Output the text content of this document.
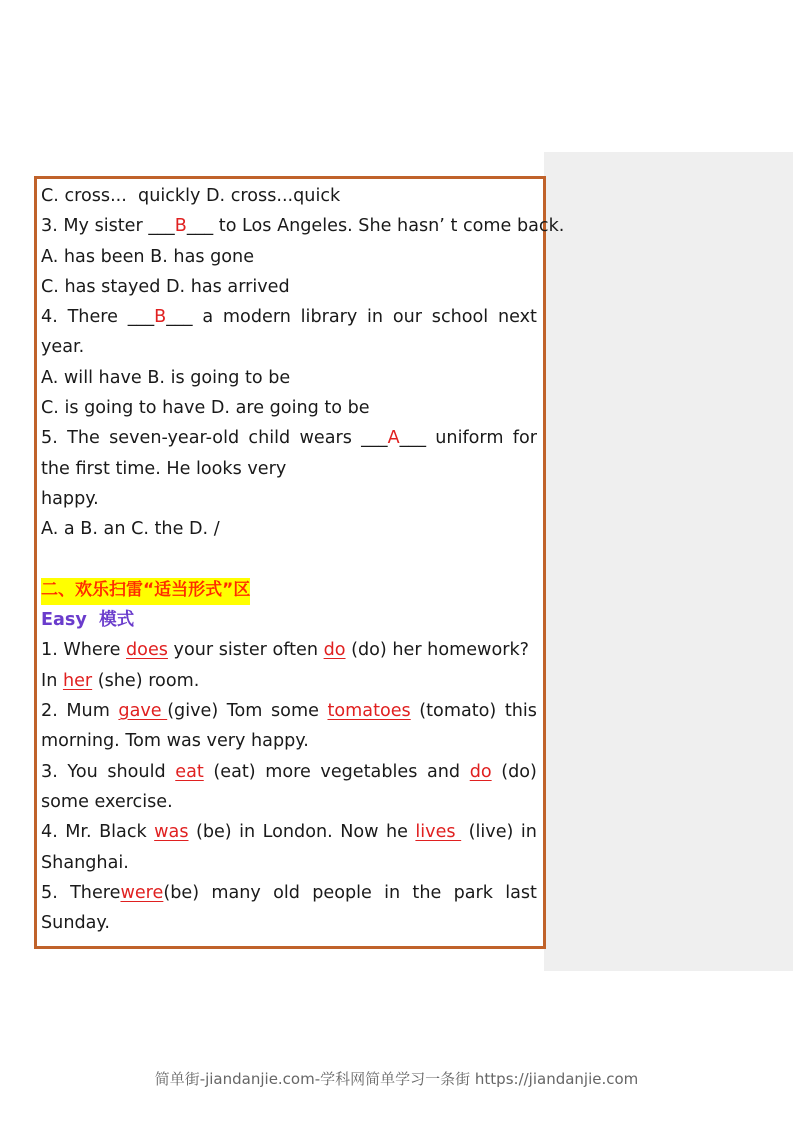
C. cross...  quickly D. cross...quick
3. My sister ___ B ___ to Los Angeles. She hasn’ t come back.
A. has been B. has gone
C. has stayed D. has arrived
4. There ___B___ a modern library in our school next
year.
A. will have B. is going to be
C. is going to have D. are going to be
5. The seven-year-old child wears ___A___ uniform for
the first time. He looks very
happy.
A. a B. an C. the D. /
二、欢乐扫雷“适当形式”区
Easy  模式
1. Where does your sister often do (do) her homework?
In her (she) room.
2. Mum gave (give) Tom some tomatoes (tomato) this
morning. Tom was very happy.
3. You should eat (eat) more vegetables and do (do)
some exercise.
4. Mr. Black was (be) in London. Now he lives (live) in
Shanghai.
5. Therewere(be) many old people in the park last
Sunday.
简单街-jiandanjie.com-学科网简单学习一条街 https://jiandanjie.com
